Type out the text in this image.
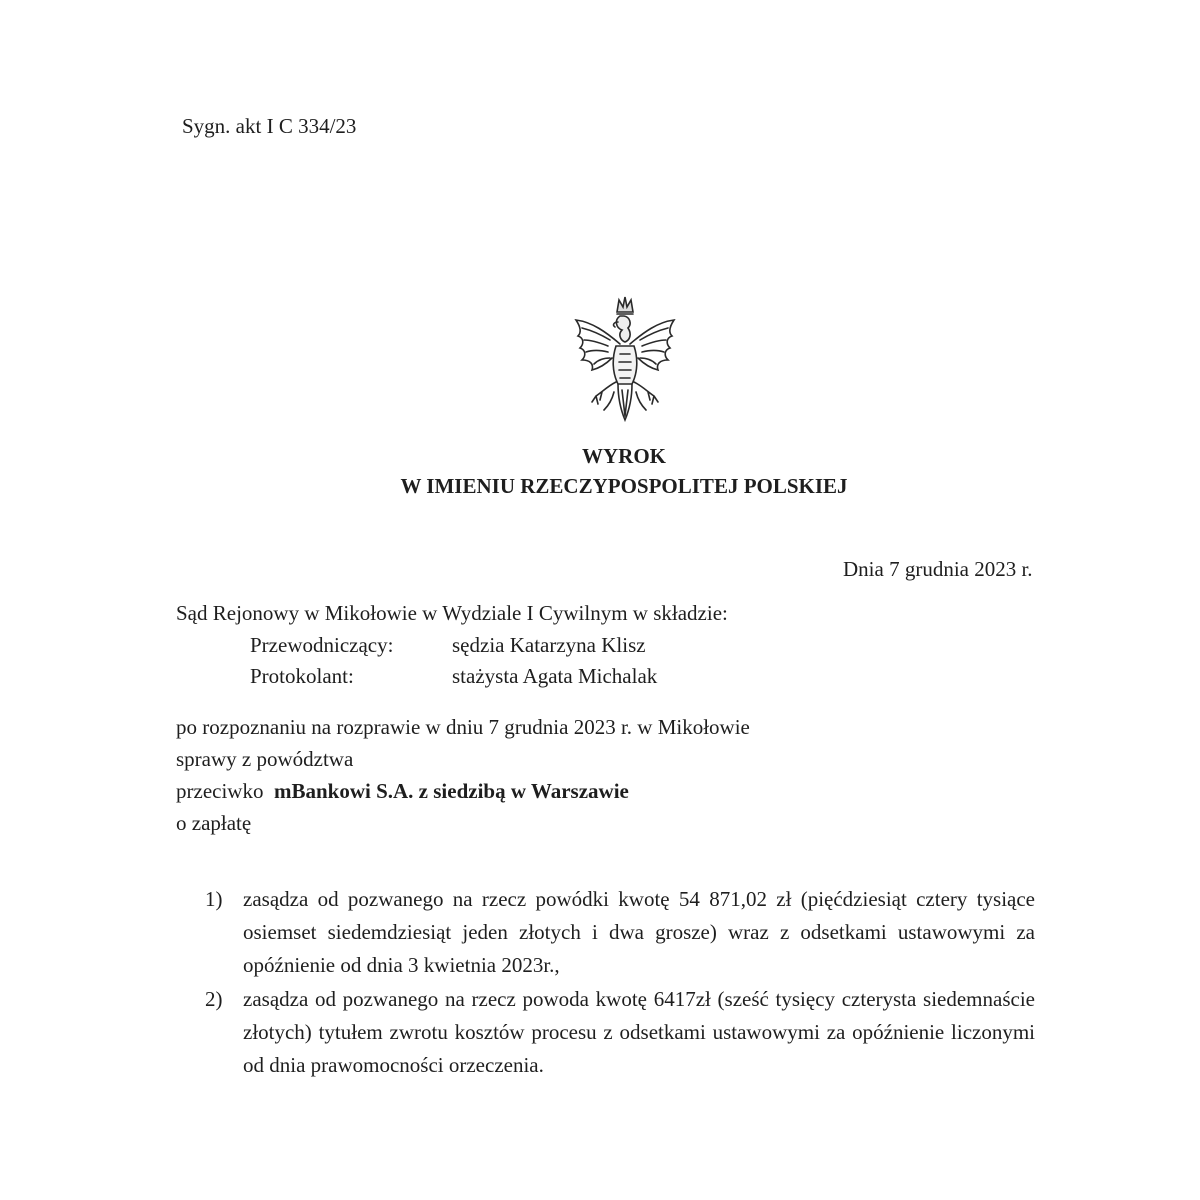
Sygn. akt I C 334/23
WYROK
W IMIENIU RZECZYPOSPOLITEJ POLSKIEJ
Dnia 7 grudnia 2023 r.
Sąd Rejonowy w Mikołowie w Wydziale I Cywilnym w składzie:
Przewodniczący:	sędzia Katarzyna Klisz
Protokolant:	stażysta Agata Michalak
po rozpoznaniu na rozprawie w dniu 7 grudnia 2023 r. w Mikołowie
sprawy z powództwa
przeciwko mBankowi S.A. z siedzibą w Warszawie
o zapłatę
1) zasądza od pozwanego na rzecz powódki kwotę 54 871,02 zł (pięćdziesiąt cztery tysiące osiemset siedemdziesiąt jeden złotych i dwa grosze) wraz z odsetkami ustawowymi za opóźnienie od dnia 3 kwietnia 2023r.,
2) zasądza od pozwanego na rzecz powoda kwotę 6417zł (sześć tysięcy czterysta siedemnaście złotych) tytułem zwrotu kosztów procesu z odsetkami ustawowymi za opóźnienie liczonymi od dnia prawomocności orzeczenia.
